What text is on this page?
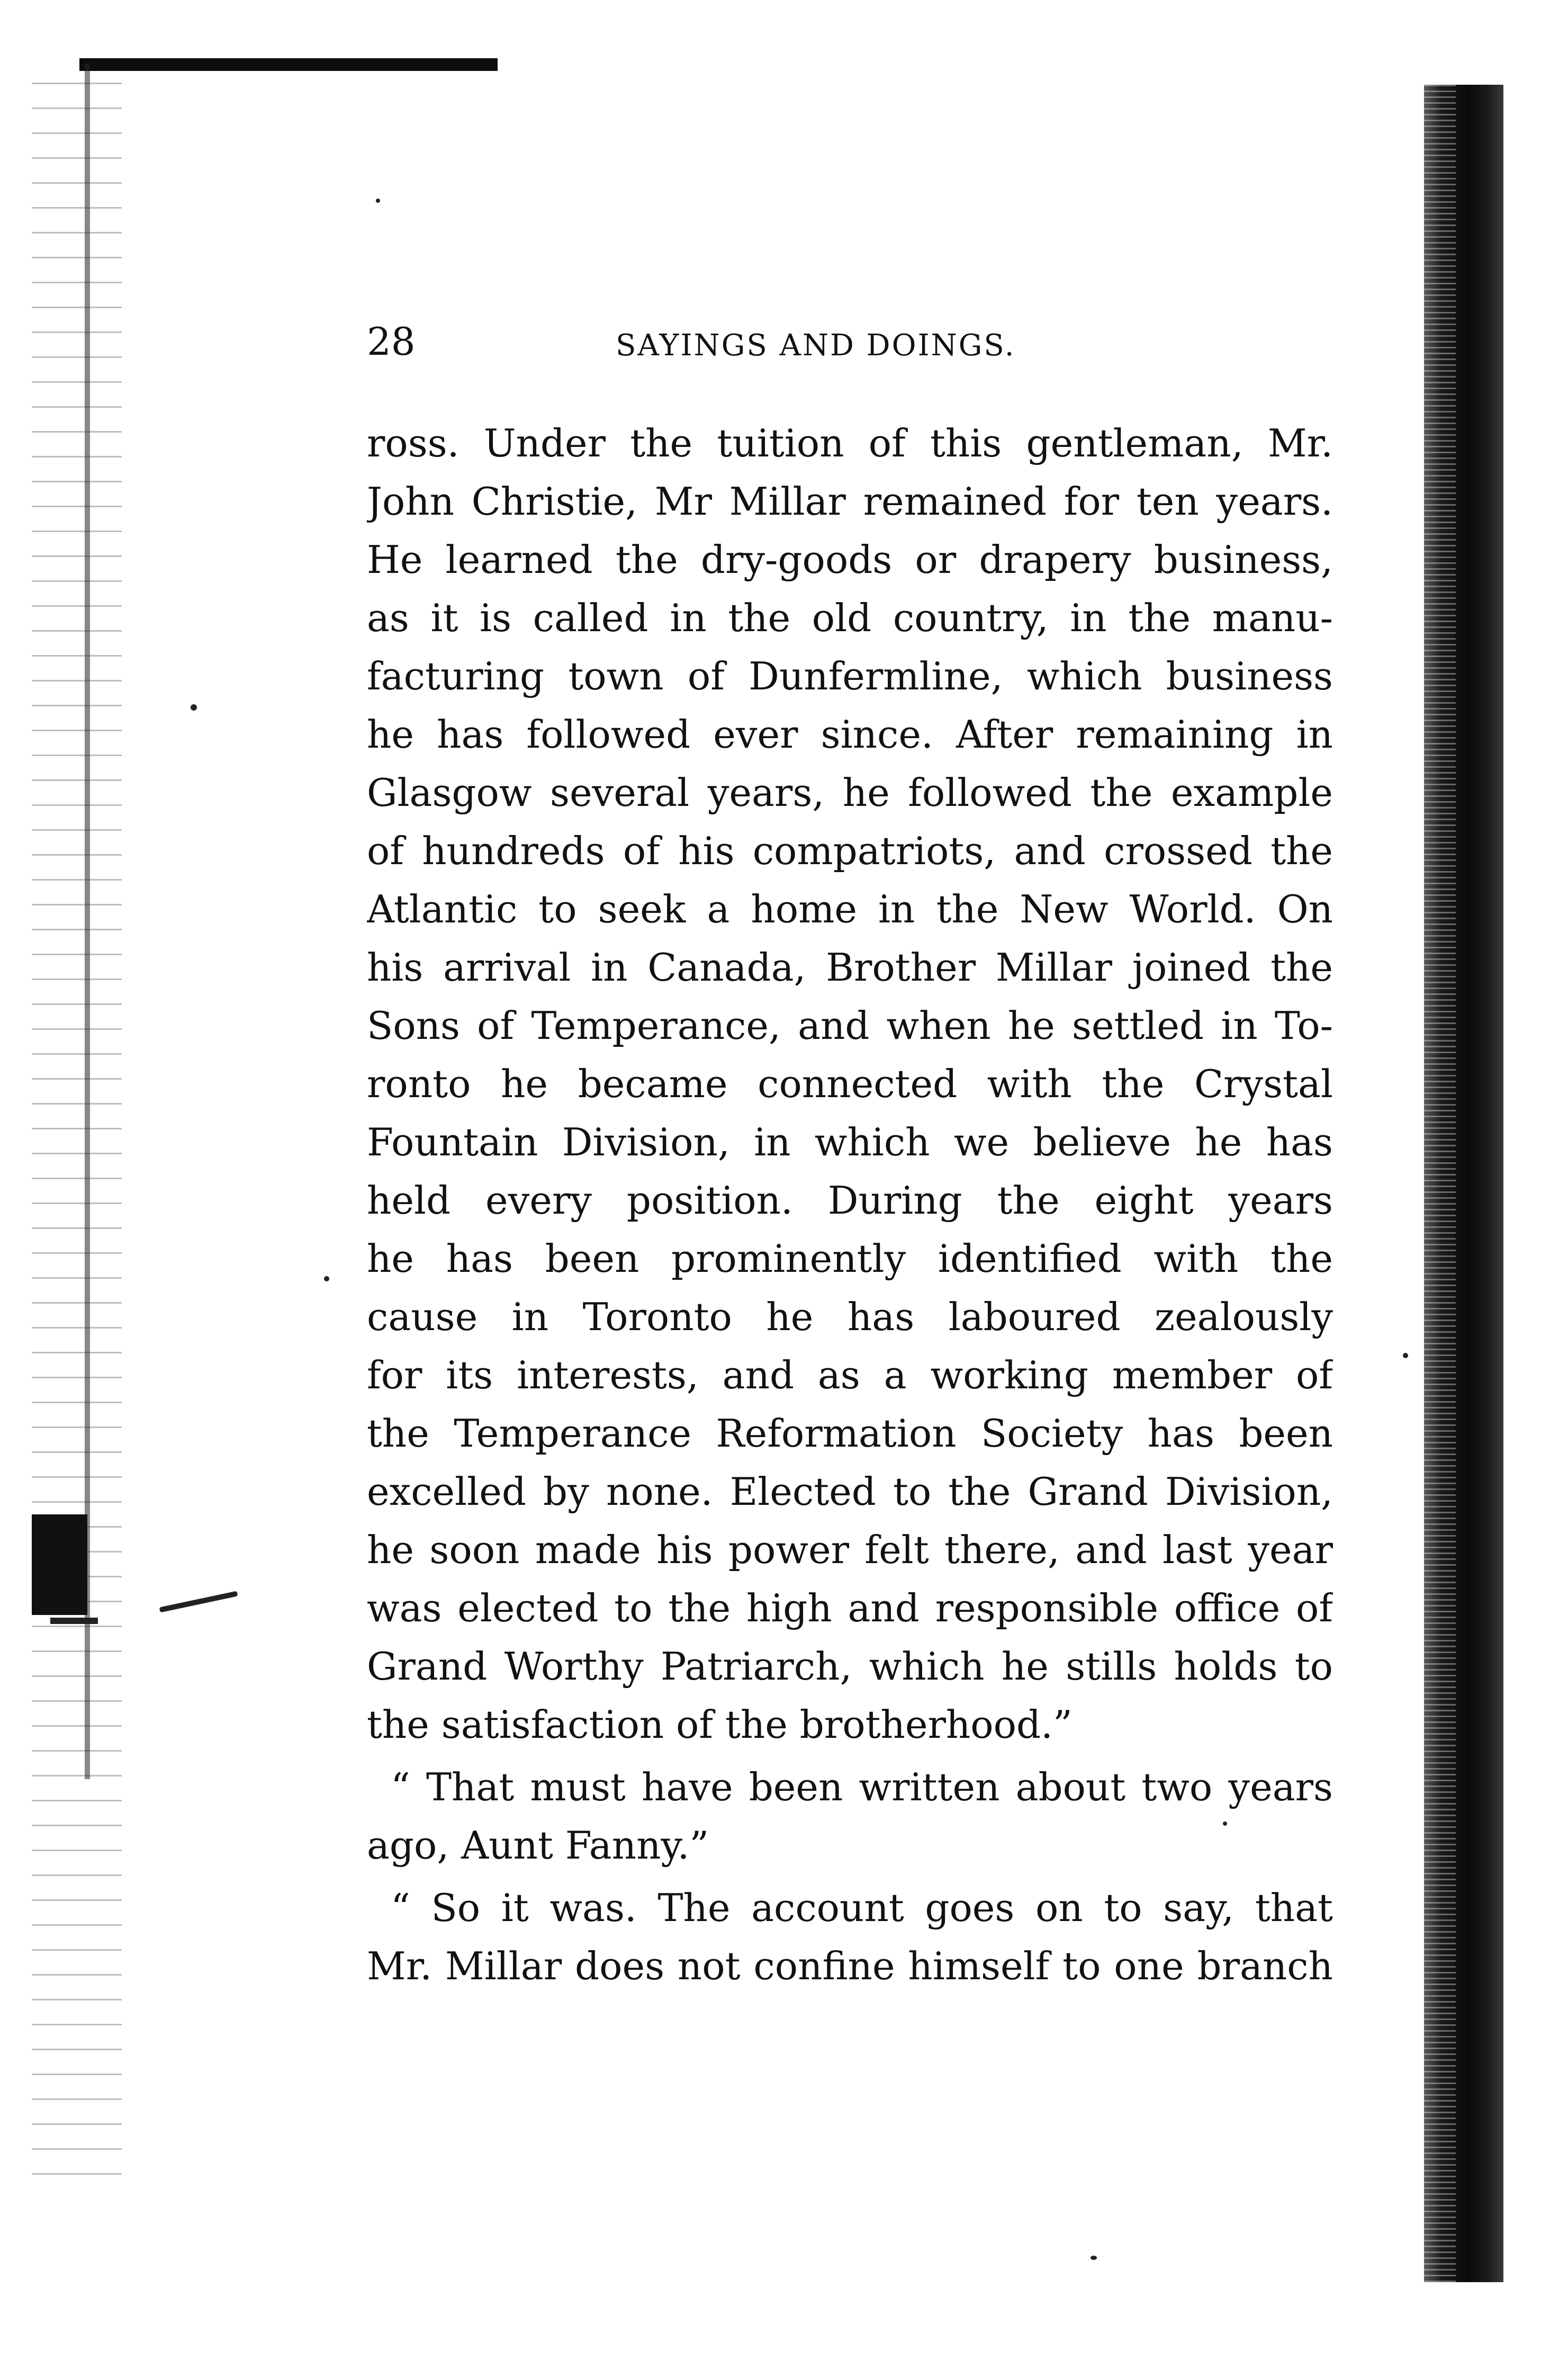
28	SAYINGS AND DOINGS.
ross. Under the tuition of this gentleman, Mr.
John Christie, Mr Millar remained for ten years.
He learned the dry-goods or drapery business,
as it is called in the old country, in the manu-
facturing town of Dunfermline, which business
he has followed ever since. After remaining in
Glasgow several years, he followed the example
of hundreds of his compatriots, and crossed the
Atlantic to seek a home in the New World. On
his arrival in Canada, Brother Millar joined the
Sons of Temperance, and when he settled in To-
ronto he became connected with the Crystal
Fountain Division, in which we believe he has
held every position. During the eight years
he has been prominently identified with the
cause in Toronto he has laboured zealously
for its interests, and as a working member of
the Temperance Reformation Society has been
excelled by none. Elected to the Grand Division,
he soon made his power felt there, and last year
was elected to the high and responsible office of
Grand Worthy Patriarch, which he stills holds to
the satisfaction of the brotherhood.”
“ That must have been written about two years
ago, Aunt Fanny.”
“ So it was. The account goes on to say, that
Mr. Millar does not confine himself to one branch
